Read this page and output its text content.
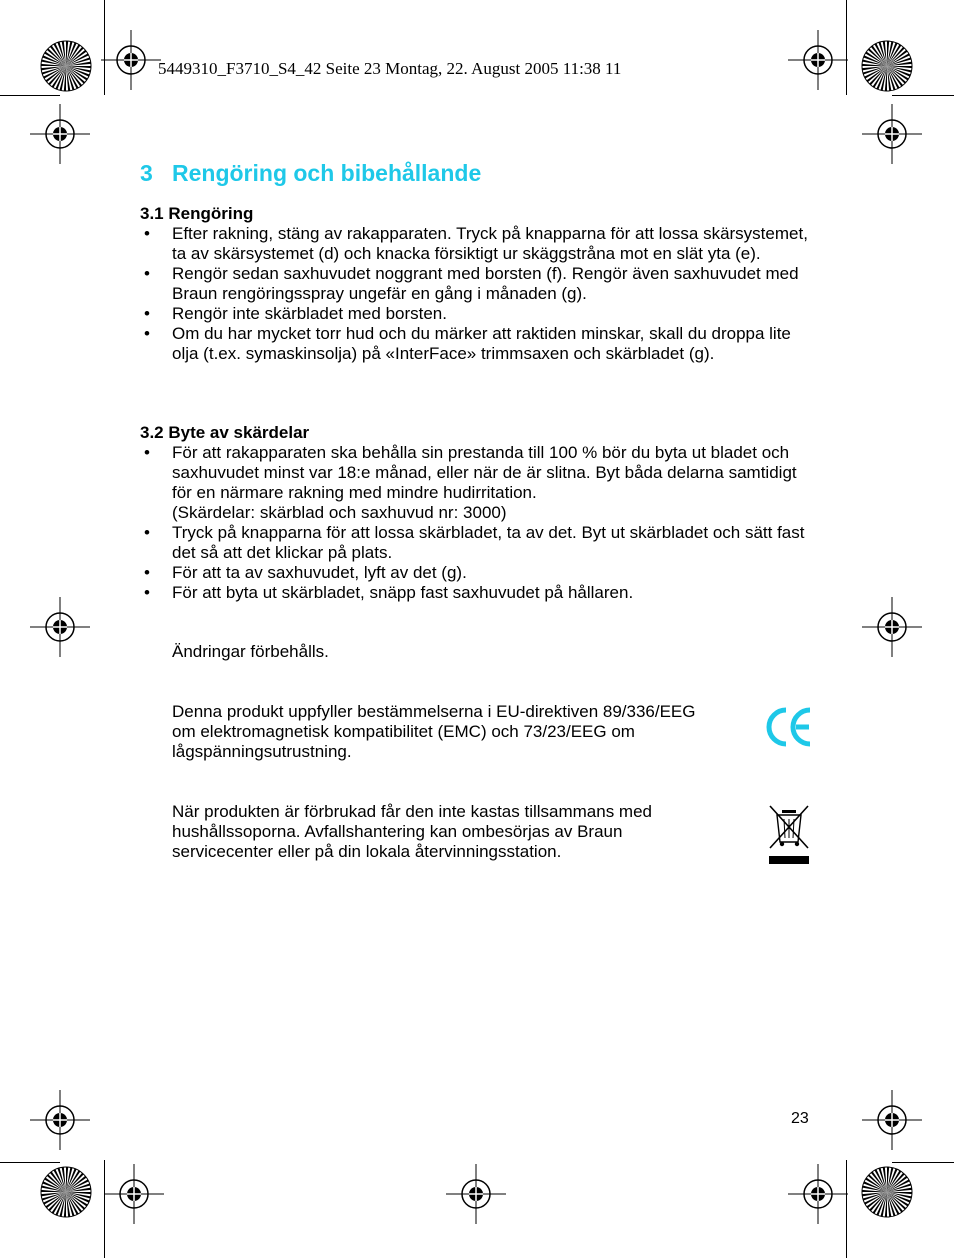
5449310_F3710_S4_42 Seite 23 Montag, 22. August 2005 11:38 11
3 Rengöring och bibehållande
3.1 Rengöring
• Efter rakning, stäng av rakapparaten. Tryck på knapparna för att lossa skärsystemet, ta av skärsystemet (d) och knacka försiktigt ur skäggstråna mot en slät yta (e).
• Rengör sedan saxhuvudet noggrant med borsten (f). Rengör även saxhuvudet med Braun rengöringsspray ungefär en gång i månaden (g).
• Rengör inte skärbladet med borsten.
• Om du har mycket torr hud och du märker att raktiden minskar, skall du droppa lite olja (t.ex. symaskinsolja) på «InterFace» trimmsaxen och skärbladet (g).
3.2 Byte av skärdelar
• För att rakapparaten ska behålla sin prestanda till 100 % bör du byta ut bladet och saxhuvudet minst var 18:e månad, eller när de är slitna. Byt båda delarna samtidigt för en närmare rakning med mindre hudirritation.
(Skärdelar: skärblad och saxhuvud nr: 3000)
• Tryck på knapparna för att lossa skärbladet, ta av det. Byt ut skärbladet och sätt fast det så att det klickar på plats.
• För att ta av saxhuvudet, lyft av det (g).
• För att byta ut skärbladet, snäpp fast saxhuvudet på hållaren.
Ändringar förbehålls.
Denna produkt uppfyller bestämmelserna i EU-direktiven 89/336/EEG
om elektromagnetisk kompatibilitet (EMC) och 73/23/EEG om
lågspänningsutrustning.
När produkten är förbrukad får den inte kastas tillsammans med
hushållssoporna. Avfallshantering kan ombesörjas av Braun
servicecenter eller på din lokala återvinningsstation.
23
